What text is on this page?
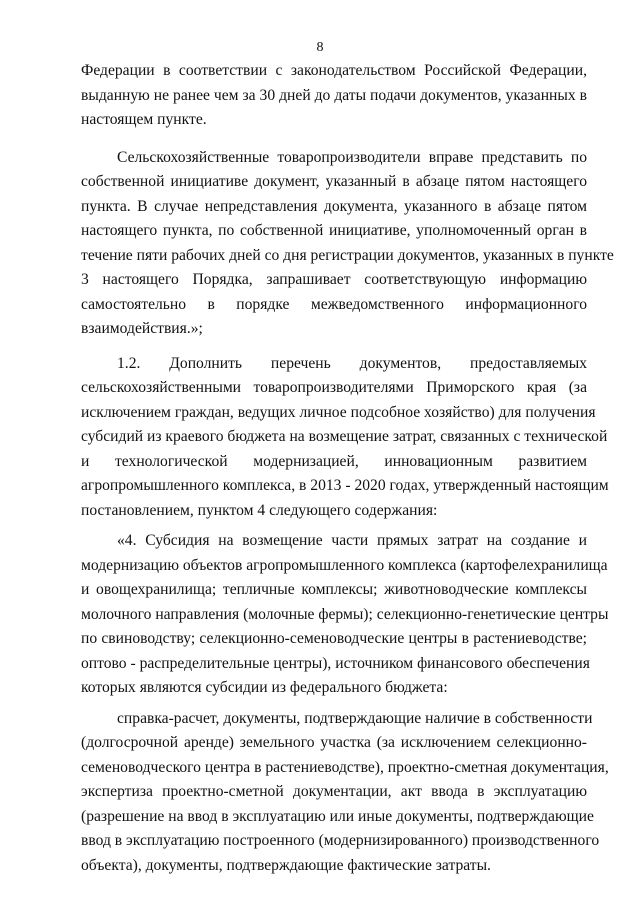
8
Федерации в соответствии с законодательством Российской Федерации,
выданную не ранее чем за 30 дней до даты подачи документов, указанных в
настоящем пункте.
Сельскохозяйственные товаропроизводители вправе представить по
собственной инициативе документ, указанный в абзаце пятом настоящего
пункта. В случае непредставления документа, указанного в абзаце пятом
настоящего пункта, по собственной инициативе, уполномоченный орган в
течение пяти рабочих дней со дня регистрации документов, указанных в пункте
3 настоящего Порядка, запрашивает соответствующую информацию
самостоятельно в порядке межведомственного информационного
взаимодействия.»;
1.2. Дополнить перечень документов, предоставляемых
сельскохозяйственными товаропроизводителями Приморского края (за
исключением граждан, ведущих личное подсобное хозяйство) для получения
субсидий из краевого бюджета на возмещение затрат, связанных с технической
и технологической модернизацией, инновационным развитием
агропромышленного комплекса, в 2013 - 2020 годах, утвержденный настоящим
постановлением, пунктом 4 следующего содержания:
«4. Субсидия на возмещение части прямых затрат на создание и
модернизацию объектов агропромышленного комплекса (картофелехранилища
и овощехранилища; тепличные комплексы; животноводческие комплексы
молочного направления (молочные фермы); селекционно-генетические центры
по свиноводству; селекционно-семеноводческие центры в растениеводстве;
оптово - распределительные центры), источником финансового обеспечения
которых являются субсидии из федерального бюджета:
справка-расчет, документы, подтверждающие наличие в собственности
(долгосрочной аренде) земельного участка (за исключением селекционно-
семеноводческого центра в растениеводстве), проектно-сметная документация,
экспертиза проектно-сметной документации, акт ввода в эксплуатацию
(разрешение на ввод в эксплуатацию или иные документы, подтверждающие
ввод в эксплуатацию построенного (модернизированного) производственного
объекта), документы, подтверждающие фактические затраты.
